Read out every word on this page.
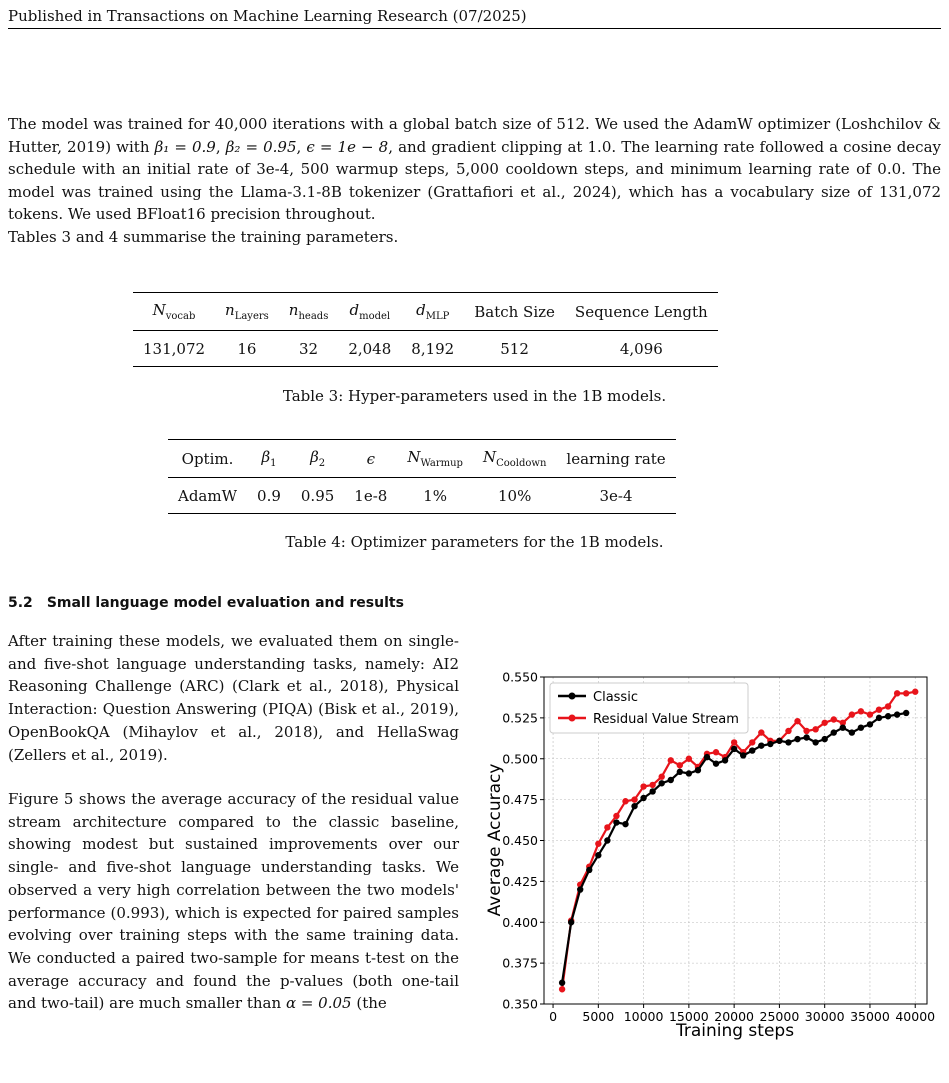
Published in Transactions on Machine Learning Research (07/2025)

The model was trained for 40,000 iterations with a global batch size of 512. We used the AdamW optimizer (Loshchilov & Hutter, 2019) with β₁ = 0.9, β₂ = 0.95, ϵ = 1e − 8, and gradient clipping at 1.0. The learning rate followed a cosine decay schedule with an initial rate of 3e-4, 500 warmup steps, 5,000 cooldown steps, and minimum learning rate of 0.0. The model was trained using the Llama-3.1-8B tokenizer (Grattafiori et al., 2024), which has a vocabulary size of 131,072 tokens. We used BFloat16 precision throughout.

Tables 3 and 4 summarise the training parameters.

$N_{vocab}$	$n_{Layers}$	$n_{heads}$	$d_{model}$	$d_{MLP}$	Batch Size	Sequence Length
131,072	16	32	2,048	8,192	512	4,096
Table 3: Hyper-parameters used in the 1B models.
Optim.	$\beta_1$	$\beta_2$	ϵ	$N_{Warmup}$	$N_{Cooldown}$	learning rate
AdamW	0.9	0.95	1e-8	1%	10%	3e-4
Table 4: Optimizer parameters for the 1B models.
5.2 Small language model evaluation and results

After training these models, we evaluated them on single- and five-shot language understanding tasks, namely: AI2 Reasoning Challenge (ARC) (Clark et al., 2018), Physical Interaction: Question Answering (PIQA) (Bisk et al., 2019), OpenBookQA (Mihaylov et al., 2018), and HellaSwag (Zellers et al., 2019).

Figure 5 shows the average accuracy of the residual value stream architecture compared to the classic baseline, showing modest but sustained improvements over our single- and five-shot language understanding tasks. We observed a very high correlation between the two models' performance (0.993), which is expected for paired samples evolving over training steps with the same training data. We conducted a paired two-sample for means t-test on the average accuracy and found the p-values (both one-tail and two-tail) are much smaller than α = 0.05 (the

0 5000 10000 15000 20000 25000 30000 35000 40000
0.350
0.375
0.400
0.425
0.450
0.475
0.500
0.525
0.550
Training steps
Average Accuracy
Classic
Residual Value Stream
